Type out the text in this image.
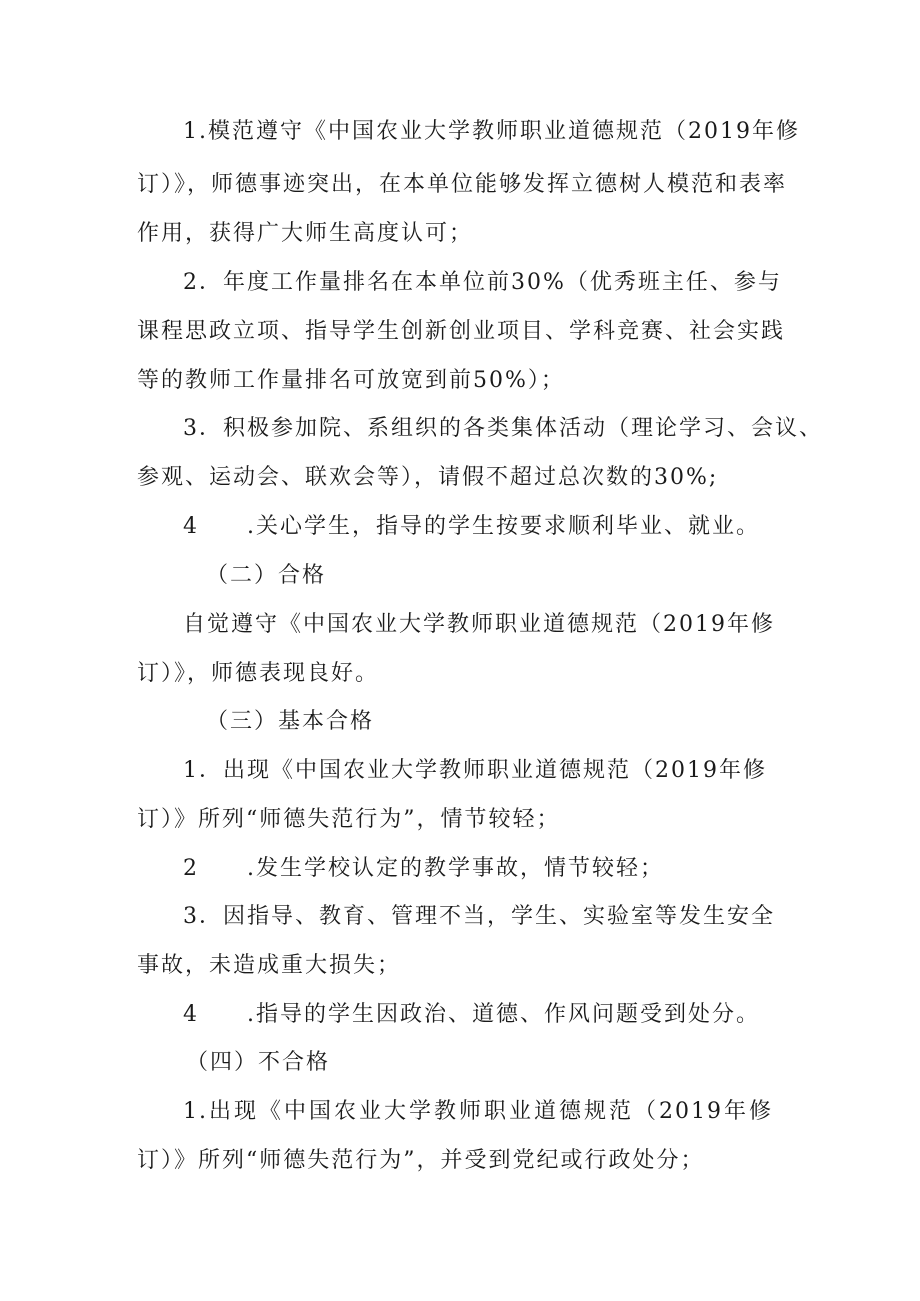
1.模范遵守《中国农业大学教师职业道德规范（2019年修
订）》，师德事迹突出，在本单位能够发挥立德树人模范和表率
作用，获得广大师生高度认可；
2．年度工作量排名在本单位前30%（优秀班主任、参与
课程思政立项、指导学生创新创业项目、学科竞赛、社会实践
等的教师工作量排名可放宽到前50%）；
3．积极参加院、系组织的各类集体活动（理论学习、会议、
参观、运动会、联欢会等），请假不超过总次数的30%;
4　　.关心学生，指导的学生按要求顺利毕业、就业。
（二）合格
自觉遵守《中国农业大学教师职业道德规范（2019年修
订）》，师德表现良好。
（三）基本合格
1．出现《中国农业大学教师职业道德规范（2019年修
订）》所列“师德失范行为”，情节较轻；
2　　.发生学校认定的教学事故，情节较轻；
3．因指导、教育、管理不当，学生、实验室等发生安全
事故，未造成重大损失；
4　　.指导的学生因政治、道德、作风问题受到处分。
（四）不合格
1.出现《中国农业大学教师职业道德规范（2019年修
订）》所列“师德失范行为”，并受到党纪或行政处分；
